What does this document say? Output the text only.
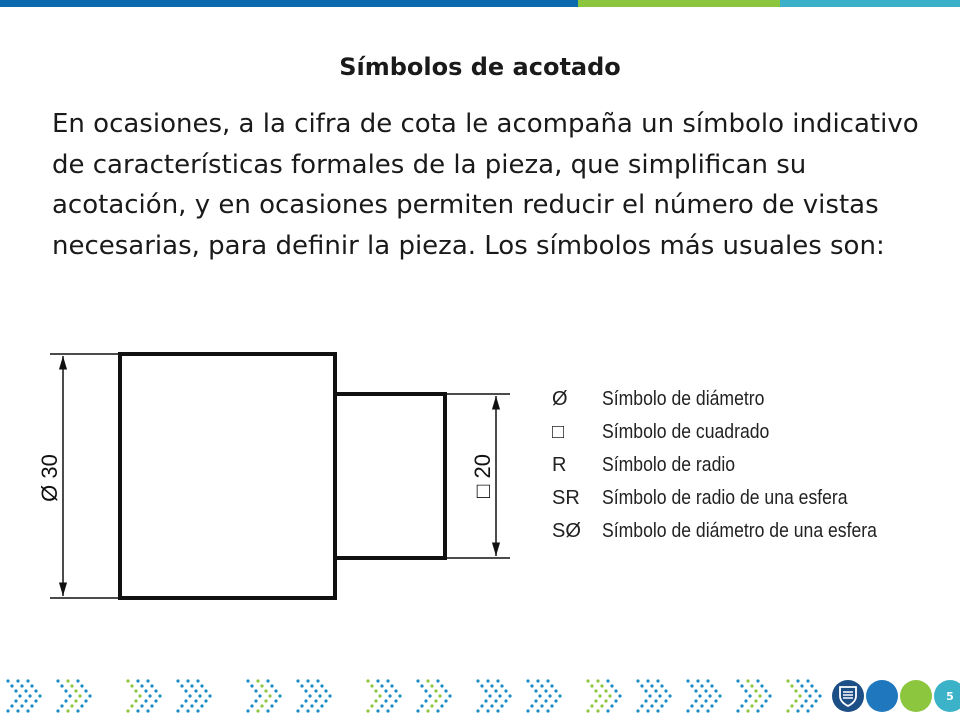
Símbolos de acotado

En ocasiones, a la cifra de cota le acompaña un símbolo indicativo de características formales de la pieza, que simplifican su acotación, y en ocasiones permiten reducir el número de vistas necesarias, para definir la pieza. Los símbolos más usuales son:

Ø 30	□ 20
Ø	Símbolo de diámetro
□	Símbolo de cuadrado
R	Símbolo de radio
SR	Símbolo de radio de una esfera
SØ	Símbolo de diámetro de una esfera
5
